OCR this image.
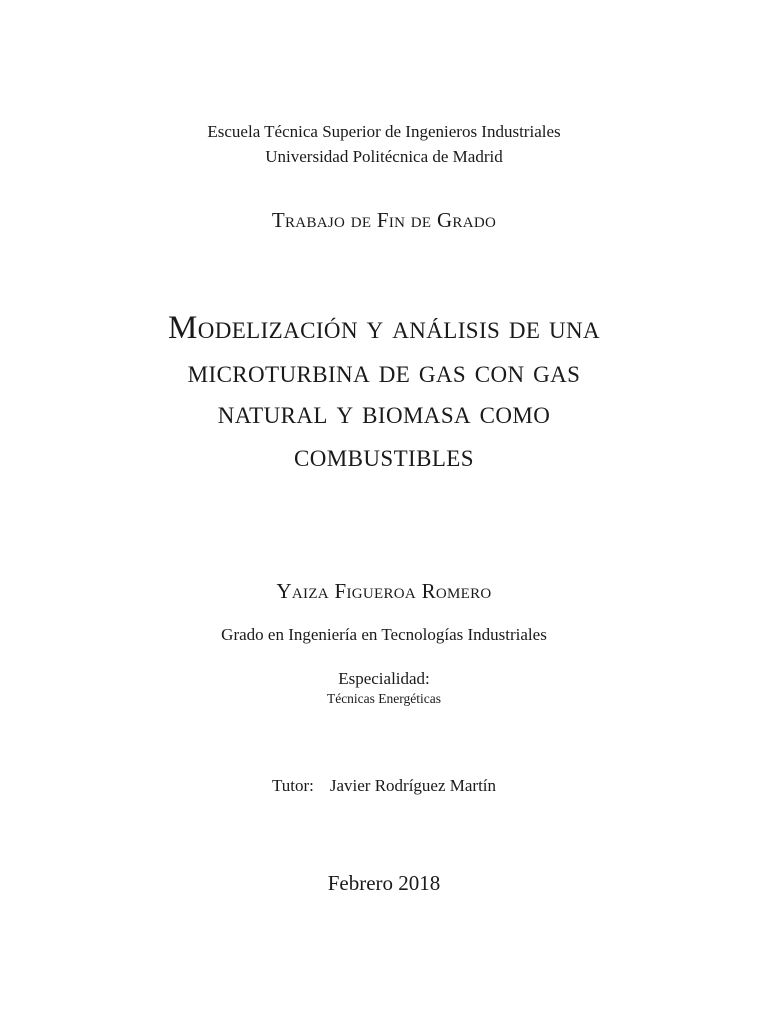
Escuela Técnica Superior de Ingenieros Industriales
Universidad Politécnica de Madrid
Trabajo de Fin de Grado
Modelización y análisis de una
microturbina de gas con gas
natural y biomasa como
combustibles
Yaiza Figueroa Romero
Grado en Ingeniería en Tecnologías Industriales
Especialidad:
Técnicas Energéticas
Tutor: Javier Rodríguez Martín
Febrero 2018
